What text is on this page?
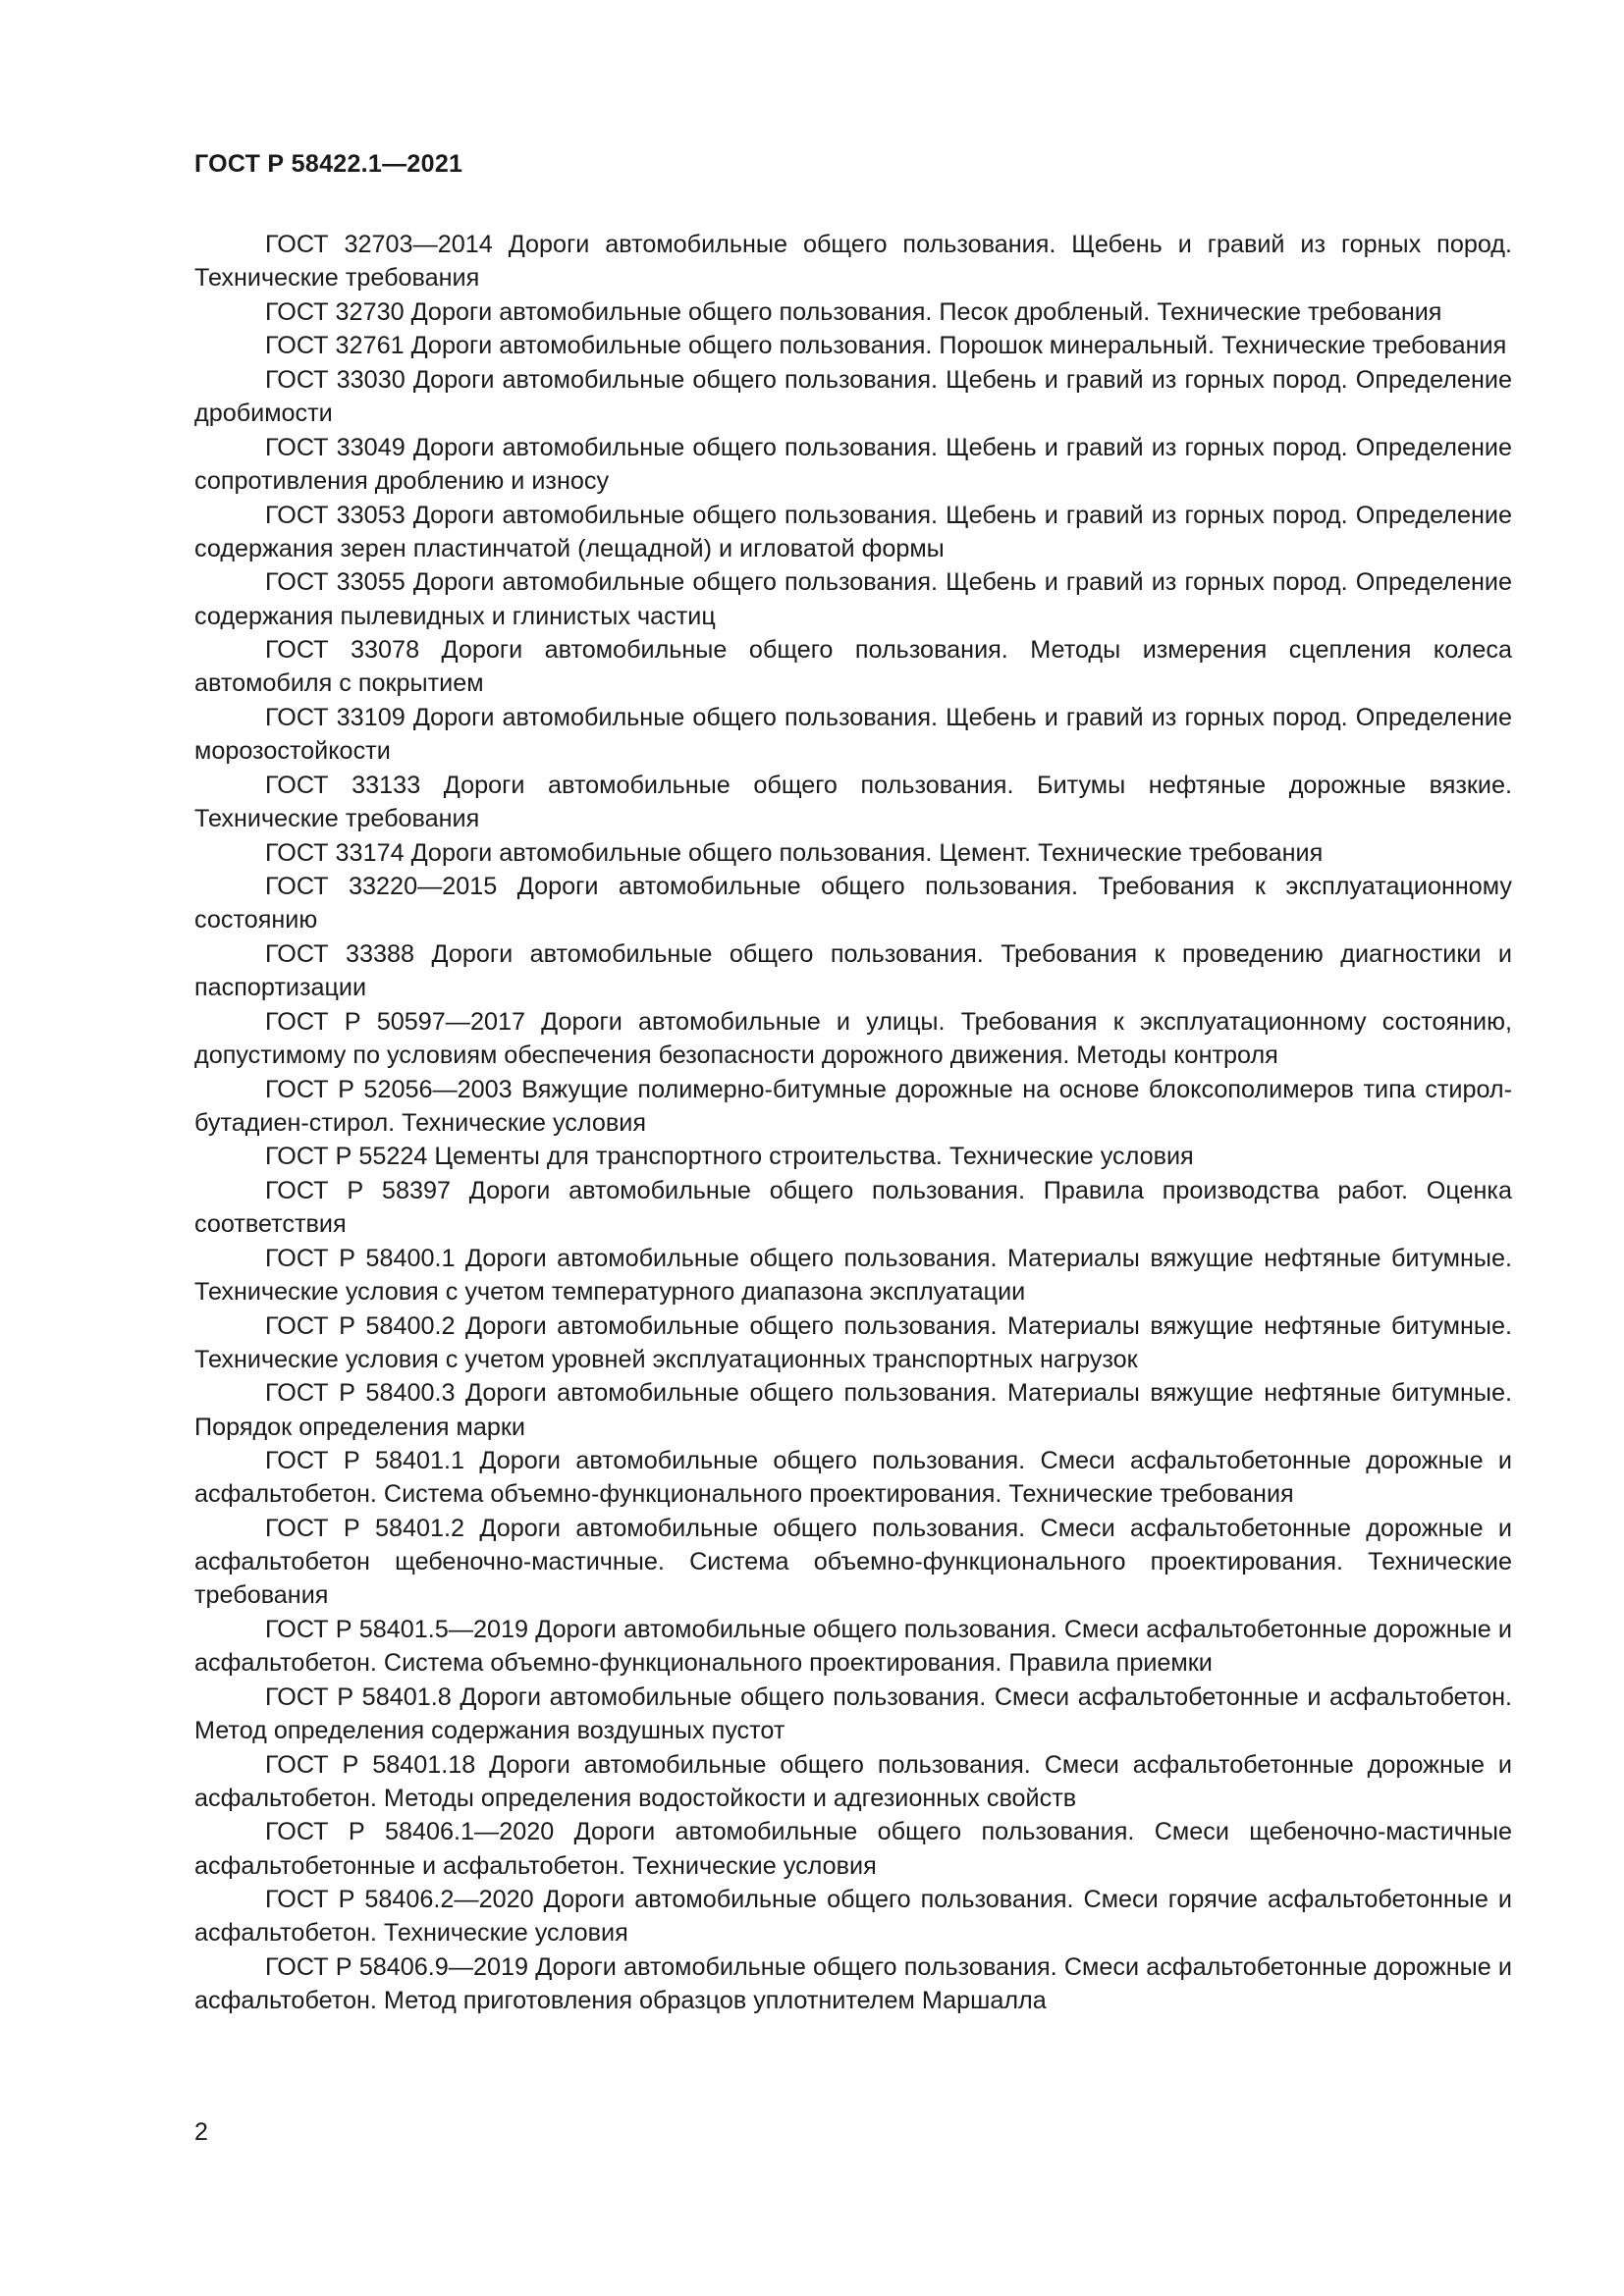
ГОСТ Р 58422.1—2021
ГОСТ 32703—2014 Дороги автомобильные общего пользования. Щебень и гравий из горных пород. Технические требования
ГОСТ 32730 Дороги автомобильные общего пользования. Песок дробленый. Технические требования
ГОСТ 32761 Дороги автомобильные общего пользования. Порошок минеральный. Технические требования
ГОСТ 33030 Дороги автомобильные общего пользования. Щебень и гравий из горных пород. Определение дробимости
ГОСТ 33049 Дороги автомобильные общего пользования. Щебень и гравий из горных пород. Определение сопротивления дроблению и износу
ГОСТ 33053 Дороги автомобильные общего пользования. Щебень и гравий из горных пород. Определение содержания зерен пластинчатой (лещадной) и игловатой формы
ГОСТ 33055 Дороги автомобильные общего пользования. Щебень и гравий из горных пород. Определение содержания пылевидных и глинистых частиц
ГОСТ 33078 Дороги автомобильные общего пользования. Методы измерения сцепления колеса автомобиля с покрытием
ГОСТ 33109 Дороги автомобильные общего пользования. Щебень и гравий из горных пород. Определение морозостойкости
ГОСТ 33133 Дороги автомобильные общего пользования. Битумы нефтяные дорожные вязкие. Технические требования
ГОСТ 33174 Дороги автомобильные общего пользования. Цемент. Технические требования
ГОСТ 33220—2015 Дороги автомобильные общего пользования. Требования к эксплуатационному состоянию
ГОСТ 33388 Дороги автомобильные общего пользования. Требования к проведению диагностики и паспортизации
ГОСТ Р 50597—2017 Дороги автомобильные и улицы. Требования к эксплуатационному состоянию, допустимому по условиям обеспечения безопасности дорожного движения. Методы контроля
ГОСТ Р 52056—2003 Вяжущие полимерно-битумные дорожные на основе блоксополимеров типа стирол-бутадиен-стирол. Технические условия
ГОСТ Р 55224 Цементы для транспортного строительства. Технические условия
ГОСТ Р 58397 Дороги автомобильные общего пользования. Правила производства работ. Оценка соответствия
ГОСТ Р 58400.1 Дороги автомобильные общего пользования. Материалы вяжущие нефтяные битумные. Технические условия с учетом температурного диапазона эксплуатации
ГОСТ Р 58400.2 Дороги автомобильные общего пользования. Материалы вяжущие нефтяные битумные. Технические условия с учетом уровней эксплуатационных транспортных нагрузок
ГОСТ Р 58400.3 Дороги автомобильные общего пользования. Материалы вяжущие нефтяные битумные. Порядок определения марки
ГОСТ Р 58401.1 Дороги автомобильные общего пользования. Смеси асфальтобетонные дорожные и асфальтобетон. Система объемно-функционального проектирования. Технические требования
ГОСТ Р 58401.2 Дороги автомобильные общего пользования. Смеси асфальтобетонные дорожные и асфальтобетон щебеночно-мастичные. Система объемно-функционального проектирования. Технические требования
ГОСТ Р 58401.5—2019 Дороги автомобильные общего пользования. Смеси асфальтобетонные дорожные и асфальтобетон. Система объемно-функционального проектирования. Правила приемки
ГОСТ Р 58401.8 Дороги автомобильные общего пользования. Смеси асфальтобетонные и асфальтобетон. Метод определения содержания воздушных пустот
ГОСТ Р 58401.18 Дороги автомобильные общего пользования. Смеси асфальтобетонные дорожные и асфальтобетон. Методы определения водостойкости и адгезионных свойств
ГОСТ Р 58406.1—2020 Дороги автомобильные общего пользования. Смеси щебеночно-мастичные асфальтобетонные и асфальтобетон. Технические условия
ГОСТ Р 58406.2—2020 Дороги автомобильные общего пользования. Смеси горячие асфальтобетонные и асфальтобетон. Технические условия
ГОСТ Р 58406.9—2019 Дороги автомобильные общего пользования. Смеси асфальтобетонные дорожные и асфальтобетон. Метод приготовления образцов уплотнителем Маршалла
2
